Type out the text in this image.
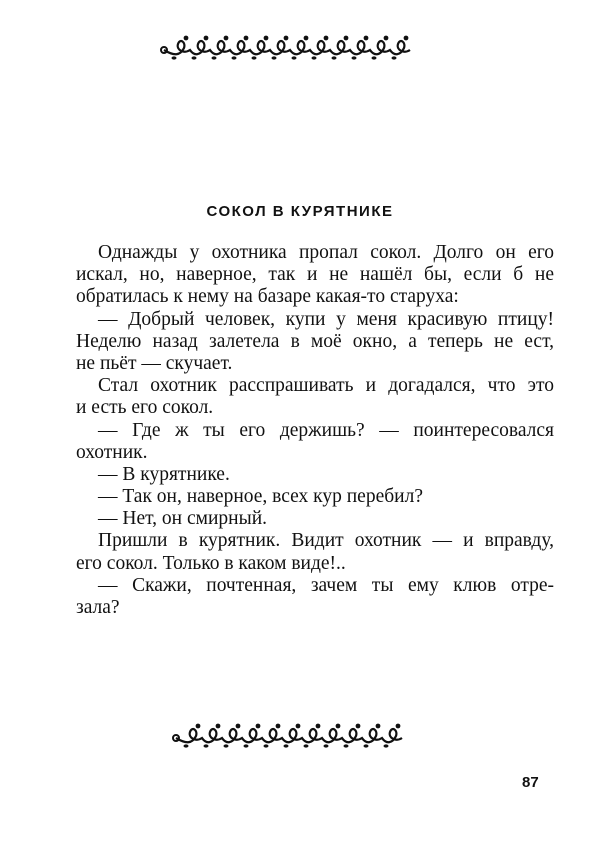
СОКОЛ В КУРЯТНИКЕ
Однажды у охотника пропал сокол. Долго он его
искал, но, наверное, так и не нашёл бы, если б не
обратилась к нему на базаре какая-то старуха:
— Добрый человек, купи у меня красивую птицу!
Неделю назад залетела в моё окно, а теперь не ест,
не пьёт — скучает.
Стал охотник расспрашивать и догадался, что это
и есть его сокол.
— Где ж ты его держишь? — поинтересовался
охотник.
— В курятнике.
— Так он, наверное, всех кур перебил?
— Нет, он смирный.
Пришли в курятник. Видит охотник — и вправду,
его сокол. Только в каком виде!..
— Скажи, почтенная, зачем ты ему клюв отре-
зала?
87
